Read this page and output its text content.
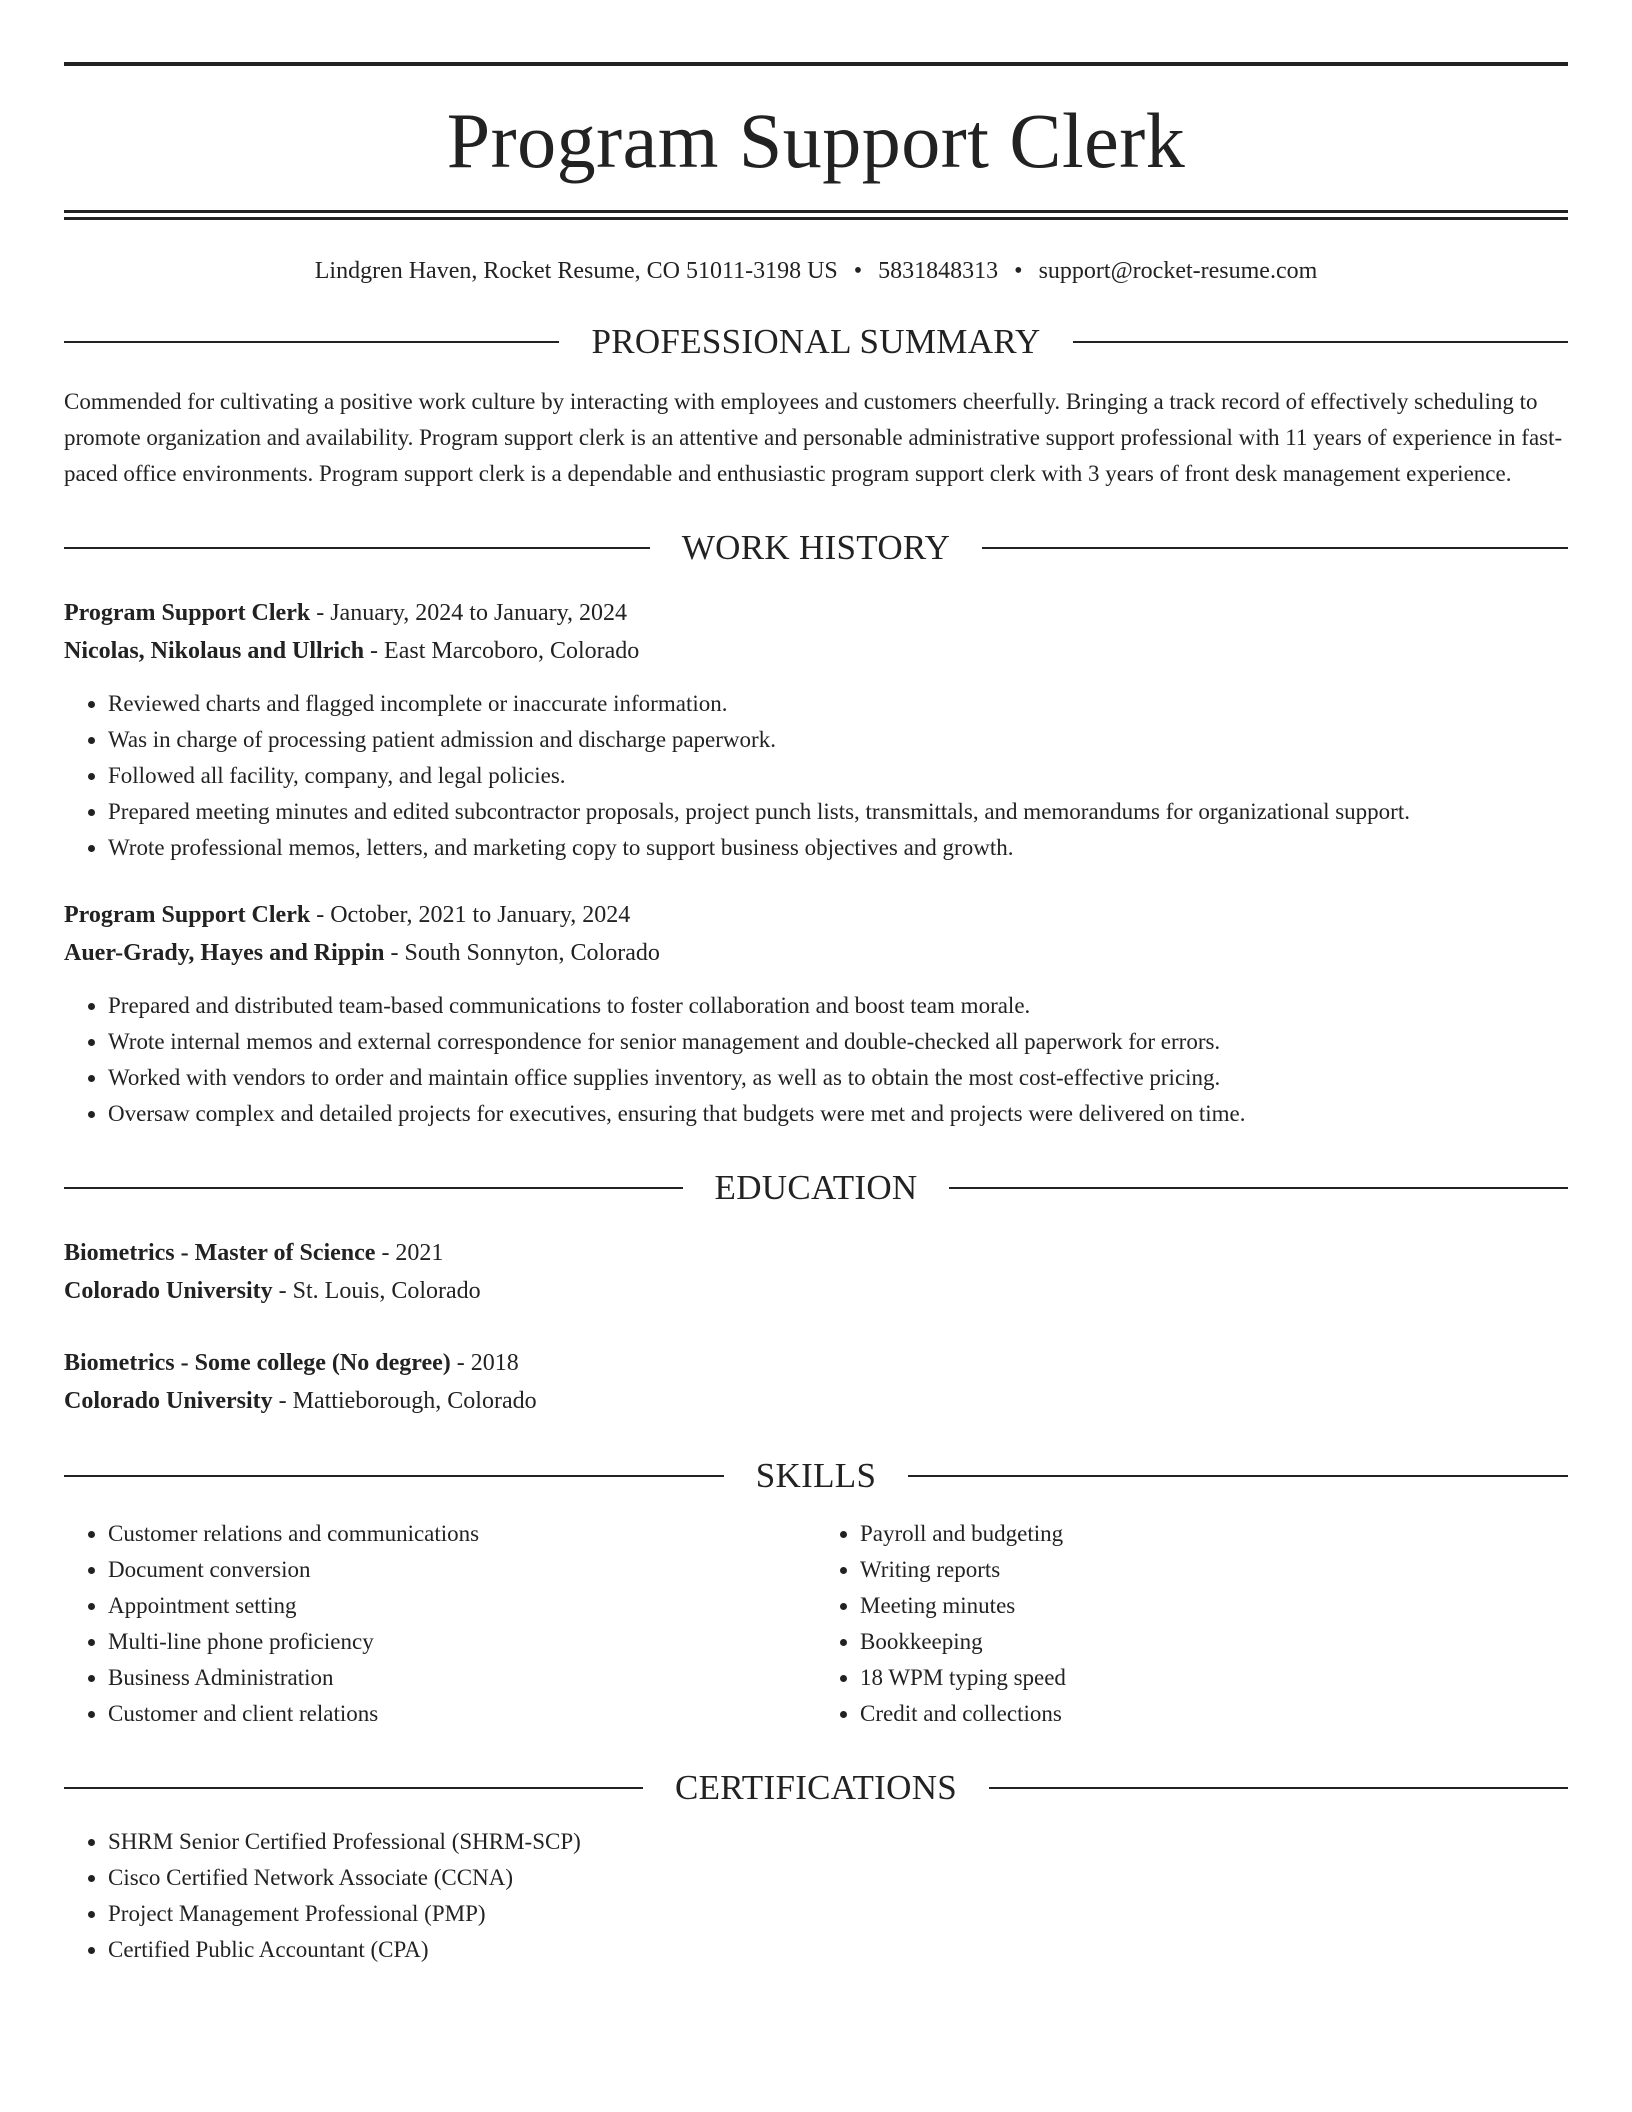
Program Support Clerk
Lindgren Haven, Rocket Resume, CO 51011-3198 US • 5831848313 • support@rocket-resume.com
PROFESSIONAL SUMMARY
Commended for cultivating a positive work culture by interacting with employees and customers cheerfully. Bringing a track record of effectively scheduling to promote organization and availability. Program support clerk is an attentive and personable administrative support professional with 11 years of experience in fast-paced office environments. Program support clerk is a dependable and enthusiastic program support clerk with 3 years of front desk management experience.
WORK HISTORY
Program Support Clerk - January, 2024 to January, 2024
Nicolas, Nikolaus and Ullrich - East Marcoboro, Colorado
• Reviewed charts and flagged incomplete or inaccurate information.
• Was in charge of processing patient admission and discharge paperwork.
• Followed all facility, company, and legal policies.
• Prepared meeting minutes and edited subcontractor proposals, project punch lists, transmittals, and memorandums for organizational support.
• Wrote professional memos, letters, and marketing copy to support business objectives and growth.
Program Support Clerk - October, 2021 to January, 2024
Auer-Grady, Hayes and Rippin - South Sonnyton, Colorado
• Prepared and distributed team-based communications to foster collaboration and boost team morale.
• Wrote internal memos and external correspondence for senior management and double-checked all paperwork for errors.
• Worked with vendors to order and maintain office supplies inventory, as well as to obtain the most cost-effective pricing.
• Oversaw complex and detailed projects for executives, ensuring that budgets were met and projects were delivered on time.
EDUCATION
Biometrics - Master of Science - 2021
Colorado University - St. Louis, Colorado
Biometrics - Some college (No degree) - 2018
Colorado University - Mattieborough, Colorado
SKILLS
• Customer relations and communications
• Document conversion
• Appointment setting
• Multi-line phone proficiency
• Business Administration
• Customer and client relations
• Payroll and budgeting
• Writing reports
• Meeting minutes
• Bookkeeping
• 18 WPM typing speed
• Credit and collections
CERTIFICATIONS
• SHRM Senior Certified Professional (SHRM-SCP)
• Cisco Certified Network Associate (CCNA)
• Project Management Professional (PMP)
• Certified Public Accountant (CPA)
